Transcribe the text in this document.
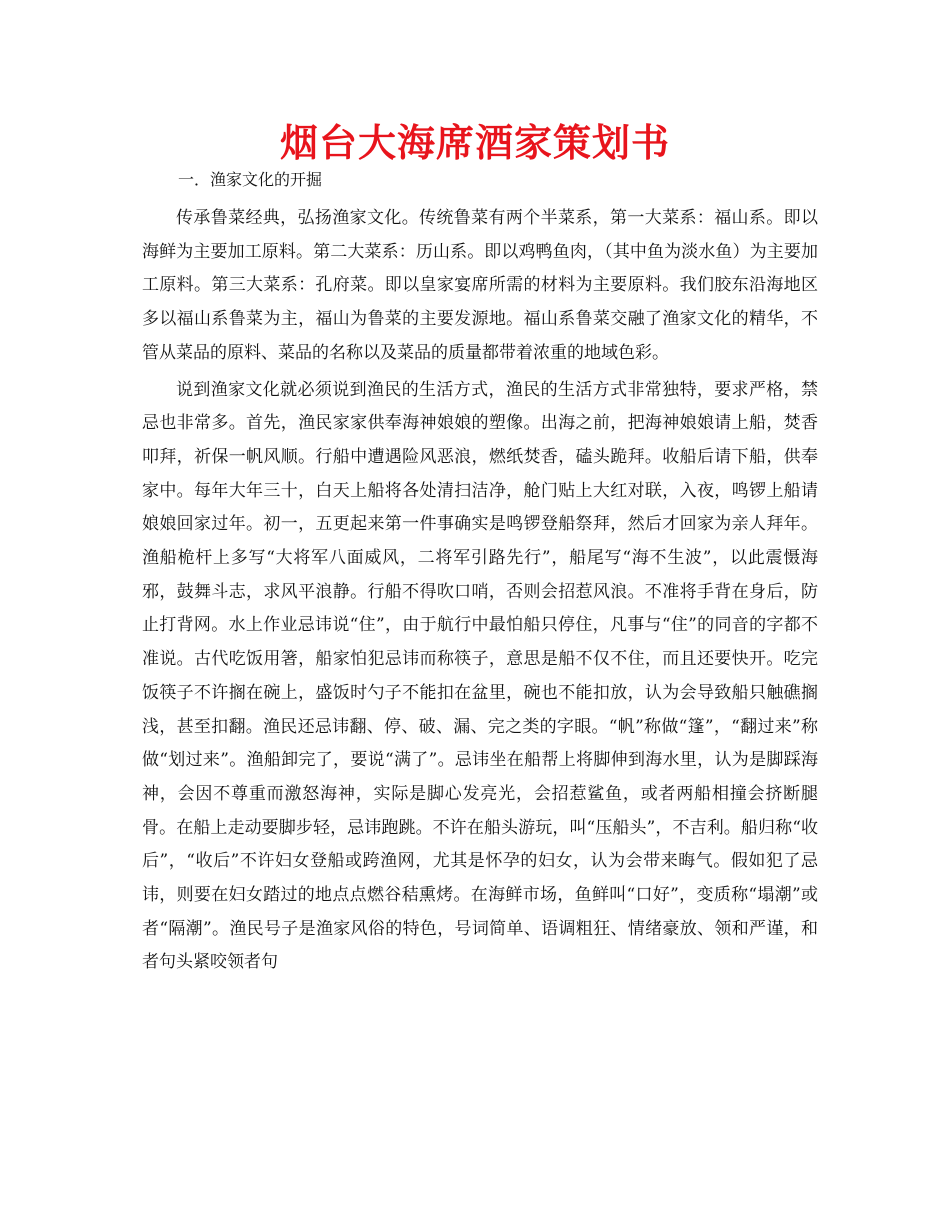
烟台大海席酒家策划书
一．渔家文化的开掘

传承鲁菜经典，弘扬渔家文化。传统鲁菜有两个半菜系，第一大菜系：福山系。即以海鲜为主要加工原料。第二大菜系：历山系。即以鸡鸭鱼肉，（其中鱼为淡水鱼）为主要加工原料。第三大菜系：孔府菜。即以皇家宴席所需的材料为主要原料。我们胶东沿海地区多以福山系鲁菜为主，福山为鲁菜的主要发源地。福山系鲁菜交融了渔家文化的精华，不管从菜品的原料、菜品的名称以及菜品的质量都带着浓重的地域色彩。

说到渔家文化就必须说到渔民的生活方式，渔民的生活方式非常独特，要求严格，禁忌也非常多。首先，渔民家家供奉海神娘娘的塑像。出海之前，把海神娘娘请上船，焚香叩拜，祈保一帆风顺。行船中遭遇险风恶浪，燃纸焚香，磕头跪拜。收船后请下船，供奉家中。每年大年三十，白天上船将各处清扫洁净，舱门贴上大红对联，入夜，鸣锣上船请娘娘回家过年。初一，五更起来第一件事确实是鸣锣登船祭拜，然后才回家为亲人拜年。渔船桅杆上多写“大将军八面威风，二将军引路先行”，船尾写“海不生波”，以此震慑海邪，鼓舞斗志，求风平浪静。行船不得吹口哨，否则会招惹风浪。不准将手背在身后，防止打背网。水上作业忌讳说“住”，由于航行中最怕船只停住，凡事与“住”的同音的字都不准说。古代吃饭用箸，船家怕犯忌讳而称筷子，意思是船不仅不住，而且还要快开。吃完饭筷子不许搁在碗上，盛饭时勺子不能扣在盆里，碗也不能扣放，认为会导致船只触礁搁浅，甚至扣翻。渔民还忌讳翻、停、破、漏、完之类的字眼。“帆”称做“篷”，“翻过来”称做“划过来”。渔船卸完了，要说“满了”。忌讳坐在船帮上将脚伸到海水里，认为是脚踩海神，会因不尊重而激怒海神，实际是脚心发亮光，会招惹鲨鱼，或者两船相撞会挤断腿骨。在船上走动要脚步轻，忌讳跑跳。不许在船头游玩，叫“压船头”，不吉利。船归称“收后”，“收后”不许妇女登船或跨渔网，尤其是怀孕的妇女，认为会带来晦气。假如犯了忌讳，则要在妇女踏过的地点点燃谷秸熏烤。在海鲜市场，鱼鲜叫“口好”，变质称“塌潮”或者“隔潮”。渔民号子是渔家风俗的特色，号词简单、语调粗狂、情绪豪放、领和严谨，和者句头紧咬领者句
